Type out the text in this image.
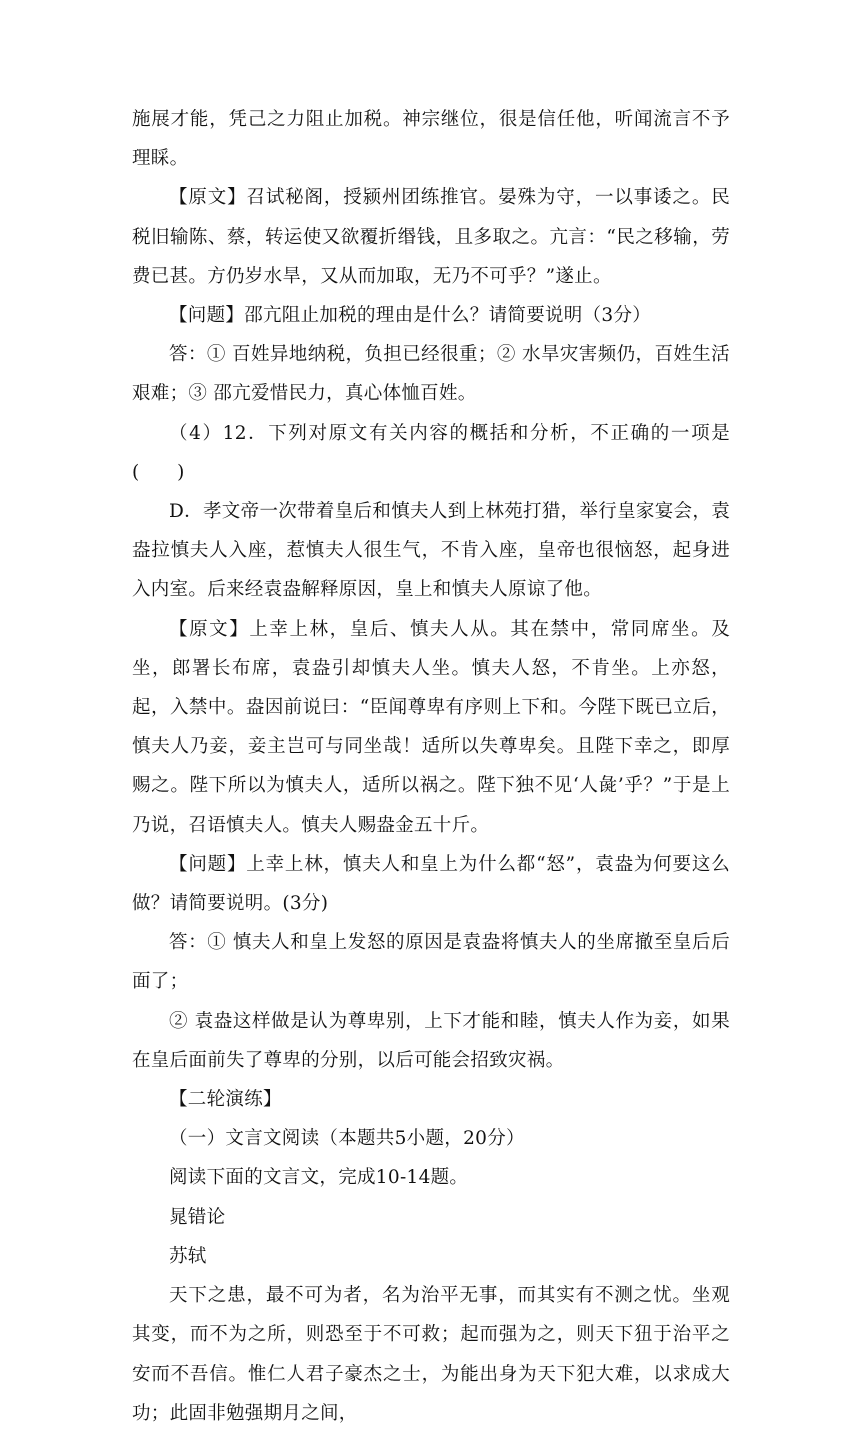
施展才能，凭己之力阻止加税。神宗继位，很是信任他，听闻流言不予理睬。

【原文】召试秘阁，授颍州团练推官。晏殊为守，一以事诿之。民税旧输陈、蔡，转运使又欲覆折缗钱，且多取之。亢言：“民之移输，劳费已甚。方仍岁水旱，又从而加取，无乃不可乎？”遂止。

【问题】邵亢阻止加税的理由是什么？请简要说明（3分）

答：① 百姓异地纳税，负担已经很重；② 水旱灾害频仍，百姓生活艰难；③ 邵亢爱惜民力，真心体恤百姓。

（4）12．下列对原文有关内容的概括和分析，不正确的一项是(　　)

D．孝文帝一次带着皇后和慎夫人到上林苑打猎，举行皇家宴会，袁盎拉慎夫人入座，惹慎夫人很生气，不肯入座，皇帝也很恼怒，起身进入内室。后来经袁盎解释原因，皇上和慎夫人原谅了他。

【原文】上幸上林，皇后、慎夫人从。其在禁中，常同席坐。及坐，郎署长布席，袁盎引却慎夫人坐。慎夫人怒，不肯坐。上亦怒，起，入禁中。盎因前说曰：“臣闻尊卑有序则上下和。今陛下既已立后，慎夫人乃妾，妾主岂可与同坐哉！适所以失尊卑矣。且陛下幸之，即厚赐之。陛下所以为慎夫人，适所以祸之。陛下独不见‘人彘’乎？”于是上乃说，召语慎夫人。慎夫人赐盎金五十斤。

【问题】上幸上林，慎夫人和皇上为什么都“怒”，袁盎为何要这么做？请简要说明。(3分)

答：① 慎夫人和皇上发怒的原因是袁盎将慎夫人的坐席撤至皇后后面了；

② 袁盎这样做是认为尊卑别，上下才能和睦，慎夫人作为妾，如果在皇后面前失了尊卑的分别，以后可能会招致灾祸。

【二轮演练】

（一）文言文阅读（本题共5小题，20分）

阅读下面的文言文，完成10-14题。

晁错论

苏轼

天下之患，最不可为者，名为治平无事，而其实有不测之忧。坐观其变，而不为之所，则恐至于不可救；起而强为之，则天下狃于治平之安而不吾信。惟仁人君子豪杰之士，为能出身为天下犯大难，以求成大功；此固非勉强期月之间，
